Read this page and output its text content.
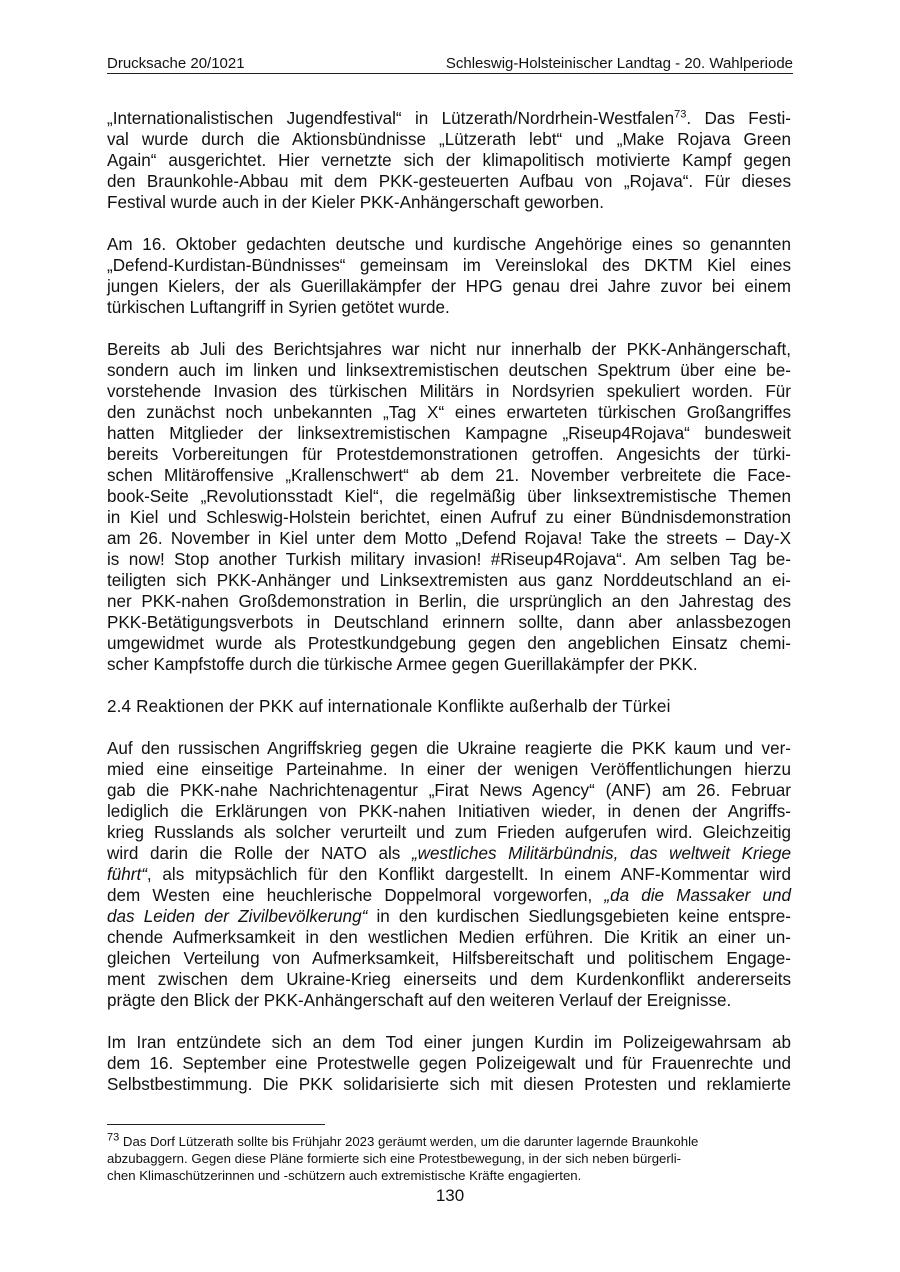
Drucksache 20/1021	Schleswig-Holsteinischer Landtag - 20. Wahlperiode

„Internationalistischen Jugendfestival“ in Lützerath/Nordrhein-Westfalen$^{73}$. Das Festi-
val wurde durch die Aktionsbündnisse „Lützerath lebt“ und „Make Rojava Green
Again“ ausgerichtet. Hier vernetzte sich der klimapolitisch motivierte Kampf gegen
den Braunkohle-Abbau mit dem PKK-gesteuerten Aufbau von „Rojava“. Für dieses
Festival wurde auch in der Kieler PKK-Anhängerschaft geworben.

Am 16. Oktober gedachten deutsche und kurdische Angehörige eines so genannten
„Defend-Kurdistan-Bündnisses“ gemeinsam im Vereinslokal des DKTM Kiel eines
jungen Kielers, der als Guerillakämpfer der HPG genau drei Jahre zuvor bei einem
türkischen Luftangriff in Syrien getötet wurde.

Bereits ab Juli des Berichtsjahres war nicht nur innerhalb der PKK-Anhängerschaft,
sondern auch im linken und linksextremistischen deutschen Spektrum über eine be-
vorstehende Invasion des türkischen Militärs in Nordsyrien spekuliert worden. Für
den zunächst noch unbekannten „Tag X“ eines erwarteten türkischen Großangriffes
hatten Mitglieder der linksextremistischen Kampagne „Riseup4Rojava“ bundesweit
bereits Vorbereitungen für Protestdemonstrationen getroffen. Angesichts der türki-
schen Mlitäroffensive „Krallenschwert“ ab dem 21. November verbreitete die Face-
book-Seite „Revolutionsstadt Kiel“, die regelmäßig über linksextremistische Themen
in Kiel und Schleswig-Holstein berichtet, einen Aufruf zu einer Bündnisdemonstration
am 26. November in Kiel unter dem Motto „Defend Rojava! Take the streets – Day-X
is now! Stop another Turkish military invasion! #Riseup4Rojava“. Am selben Tag be-
teiligten sich PKK-Anhänger und Linksextremisten aus ganz Norddeutschland an ei-
ner PKK-nahen Großdemonstration in Berlin, die ursprünglich an den Jahrestag des
PKK-Betätigungsverbots in Deutschland erinnern sollte, dann aber anlassbezogen
umgewidmet wurde als Protestkundgebung gegen den angeblichen Einsatz chemi-
scher Kampfstoffe durch die türkische Armee gegen Guerillakämpfer der PKK.

2.4 Reaktionen der PKK auf internationale Konflikte außerhalb der Türkei

Auf den russischen Angriffskrieg gegen die Ukraine reagierte die PKK kaum und ver-
mied eine einseitige Parteinahme. In einer der wenigen Veröffentlichungen hierzu
gab die PKK-nahe Nachrichtenagentur „Firat News Agency“ (ANF) am 26. Februar
lediglich die Erklärungen von PKK-nahen Initiativen wieder, in denen der Angriffs-
krieg Russlands als solcher verurteilt und zum Frieden aufgerufen wird. Gleichzeitig
wird darin die Rolle der NATO als „westliches Militärbündnis, das weltweit Kriege
führt“, als mitурsächlich für den Konflikt dargestellt. In einem ANF-Kommentar wird
dem Westen eine heuchlerische Doppelmoral vorgeworfen, „da die Massaker und
das Leiden der Zivilbevölkerung“ in den kurdischen Siedlungsgebieten keine entspre-
chende Aufmerksamkeit in den westlichen Medien erführen. Die Kritik an einer un-
gleichen Verteilung von Aufmerksamkeit, Hilfsbereitschaft und politischem Engage-
ment zwischen dem Ukraine-Krieg einerseits und dem Kurdenkonflikt andererseits
prägte den Blick der PKK-Anhängerschaft auf den weiteren Verlauf der Ereignisse.

Im Iran entzündete sich an dem Tod einer jungen Kurdin im Polizeigewahrsam ab
dem 16. September eine Protestwelle gegen Polizeigewalt und für Frauenrechte und
Selbstbestimmung. Die PKK solidarisierte sich mit diesen Protesten und reklamierte

$^{73}$ Das Dorf Lützerath sollte bis Frühjahr 2023 geräumt werden, um die darunter lagernde Braunkohle
abzubaggern. Gegen diese Pläne formierte sich eine Protestbewegung, in der sich neben bürgerli-
chen Klimaschützerinnen und -schützern auch extremistische Kräfte engagierten.
130
